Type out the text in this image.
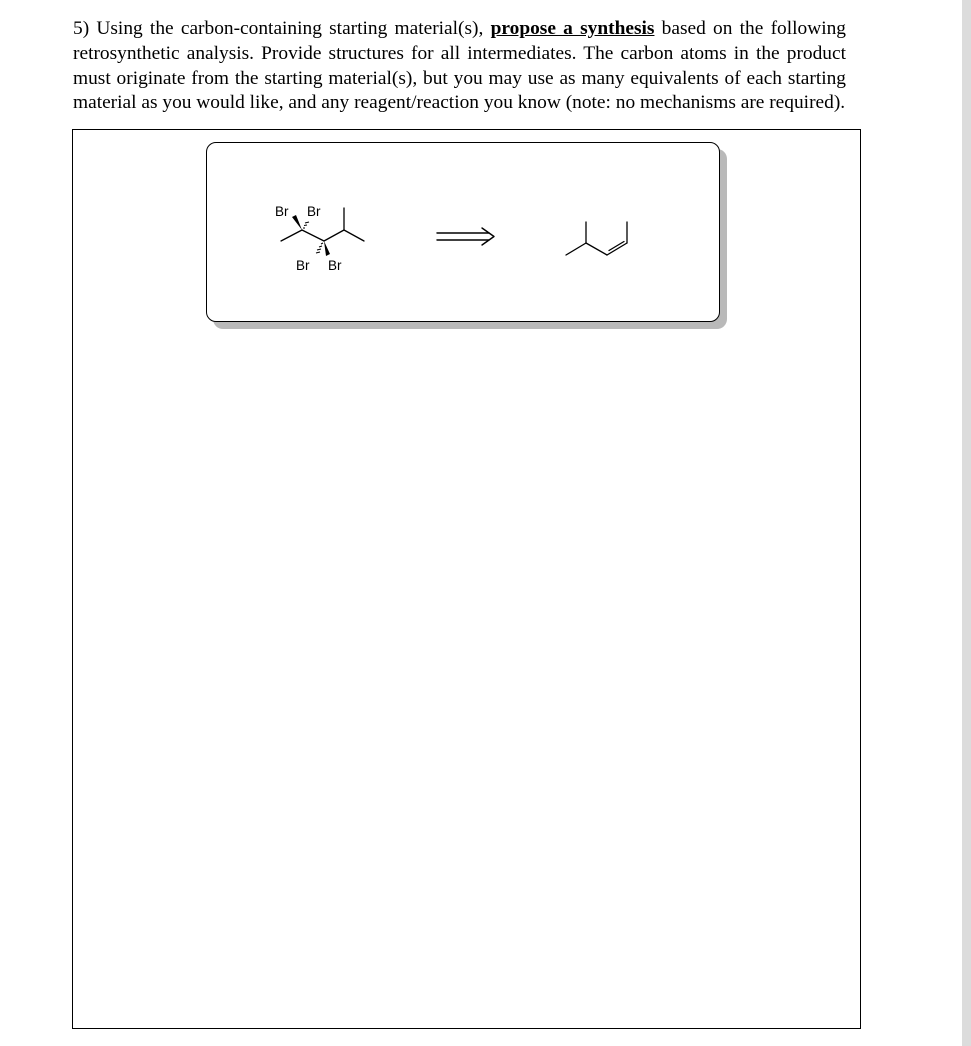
5) Using the carbon-containing starting material(s), propose a synthesis based on the following retrosynthetic analysis. Provide structures for all intermediates. The carbon atoms in the product must originate from the starting material(s), but you may use as many equivalents of each starting material as you would like, and any reagent/reaction you know (note: no mechanisms are required).

Br Br
Br Br
